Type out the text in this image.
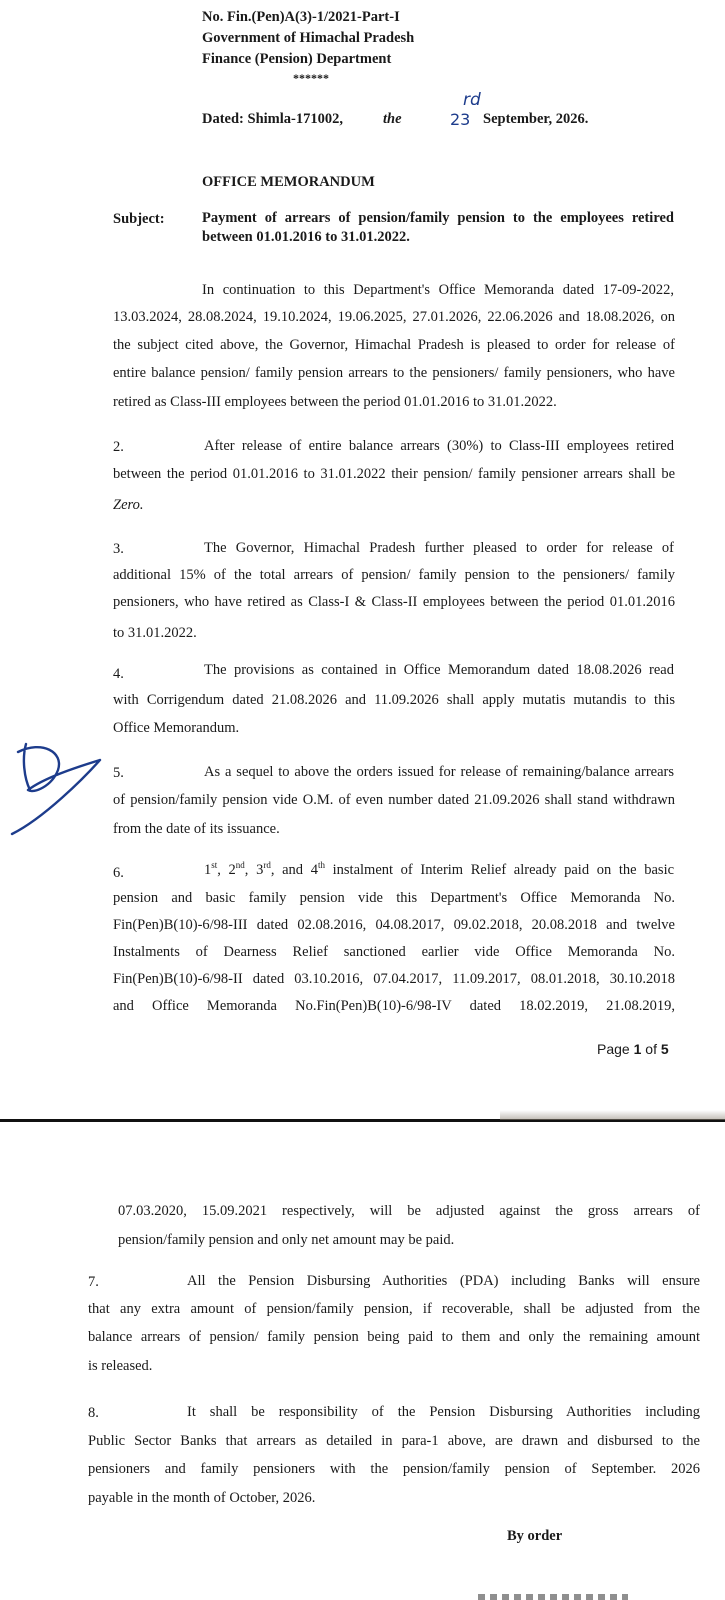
No. Fin.(Pen)A(3)-1/2021-Part-I
Government of Himachal Pradesh
Finance (Pension) Department
******
Dated: Shimla-171002,	the
rd
23 September, 2026.
OFFICE MEMORANDUM
Subject:	Payment of arrears of pension/family pension to the employees retired
between 01.01.2016 to 31.01.2022.
In continuation to this Department's Office Memoranda dated 17-09-2022,
13.03.2024, 28.08.2024, 19.10.2024, 19.06.2025, 27.01.2026, 22.06.2026 and 18.08.2026, on
the subject cited above, the Governor, Himachal Pradesh is pleased to order for release of
entire balance pension/ family pension arrears to the pensioners/ family pensioners, who have
retired as Class-III employees between the period 01.01.2016 to 31.01.2022.
2.	After release of entire balance arrears (30%) to Class-III employees retired
between the period 01.01.2016 to 31.01.2022 their pension/ family pensioner arrears shall be
Zero.
3.	The Governor, Himachal Pradesh further pleased to order for release of
additional 15% of the total arrears of pension/ family pension to the pensioners/ family
pensioners, who have retired as Class-I & Class-II employees between the period 01.01.2016
to 31.01.2022.
4.	The provisions as contained in Office Memorandum dated 18.08.2026 read
with Corrigendum dated 21.08.2026 and 11.09.2026 shall apply mutatis mutandis to this
Office Memorandum.
5.	As a sequel to above the orders issued for release of remaining/balance arrears
of pension/family pension vide O.M. of even number dated 21.09.2026 shall stand withdrawn
from the date of its issuance.
6.	1st, 2nd, 3rd, and 4th instalment of Interim Relief already paid on the basic
pension and basic family pension vide this Department's Office Memoranda No.
Fin(Pen)B(10)-6/98-III dated 02.08.2016, 04.08.2017, 09.02.2018, 20.08.2018 and twelve
Instalments of Dearness Relief sanctioned earlier vide Office Memoranda No.
Fin(Pen)B(10)-6/98-II dated 03.10.2016, 07.04.2017, 11.09.2017, 08.01.2018, 30.10.2018
and Office Memoranda No.Fin(Pen)B(10)-6/98-IV dated 18.02.2019, 21.08.2019,
Page 1 of 5
07.03.2020, 15.09.2021 respectively, will be adjusted against the gross arrears of
pension/family pension and only net amount may be paid.
7.	All the Pension Disbursing Authorities (PDA) including Banks will ensure
that any extra amount of pension/family pension, if recoverable, shall be adjusted from the
balance arrears of pension/ family pension being paid to them and only the remaining amount
is released.
8.	It shall be responsibility of the Pension Disbursing Authorities including
Public Sector Banks that arrears as detailed in para-1 above, are drawn and disbursed to the
pensioners and family pensioners with the pension/family pension of September. 2026
payable in the month of October, 2026.
By order
